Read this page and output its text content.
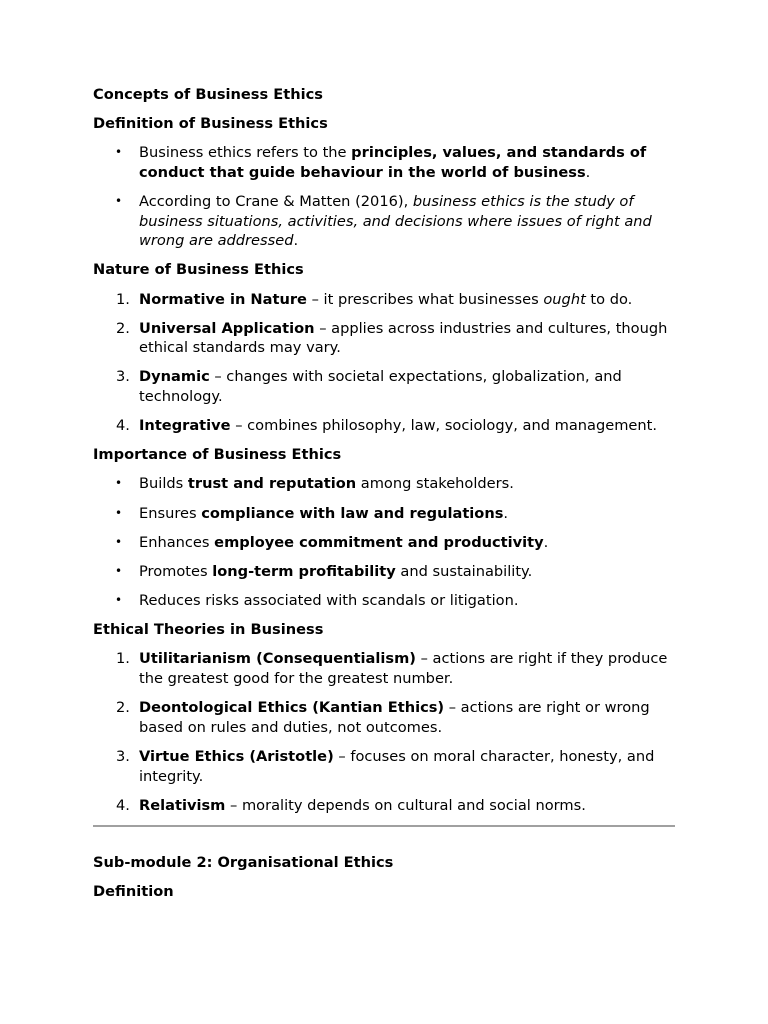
Concepts of Business Ethics
Definition of Business Ethics
• Business ethics refers to the principles, values, and standards of conduct that guide behaviour in the world of business.
• According to Crane & Matten (2016), business ethics is the study of business situations, activities, and decisions where issues of right and wrong are addressed.
Nature of Business Ethics
1. Normative in Nature – it prescribes what businesses ought to do.
2. Universal Application – applies across industries and cultures, though ethical standards may vary.
3. Dynamic – changes with societal expectations, globalization, and technology.
4. Integrative – combines philosophy, law, sociology, and management.
Importance of Business Ethics
• Builds trust and reputation among stakeholders.
• Ensures compliance with law and regulations.
• Enhances employee commitment and productivity.
• Promotes long-term profitability and sustainability.
• Reduces risks associated with scandals or litigation.
Ethical Theories in Business
1. Utilitarianism (Consequentialism) – actions are right if they produce the greatest good for the greatest number.
2. Deontological Ethics (Kantian Ethics) – actions are right or wrong based on rules and duties, not outcomes.
3. Virtue Ethics (Aristotle) – focuses on moral character, honesty, and integrity.
4. Relativism – morality depends on cultural and social norms.
Sub-module 2: Organisational Ethics
Definition
